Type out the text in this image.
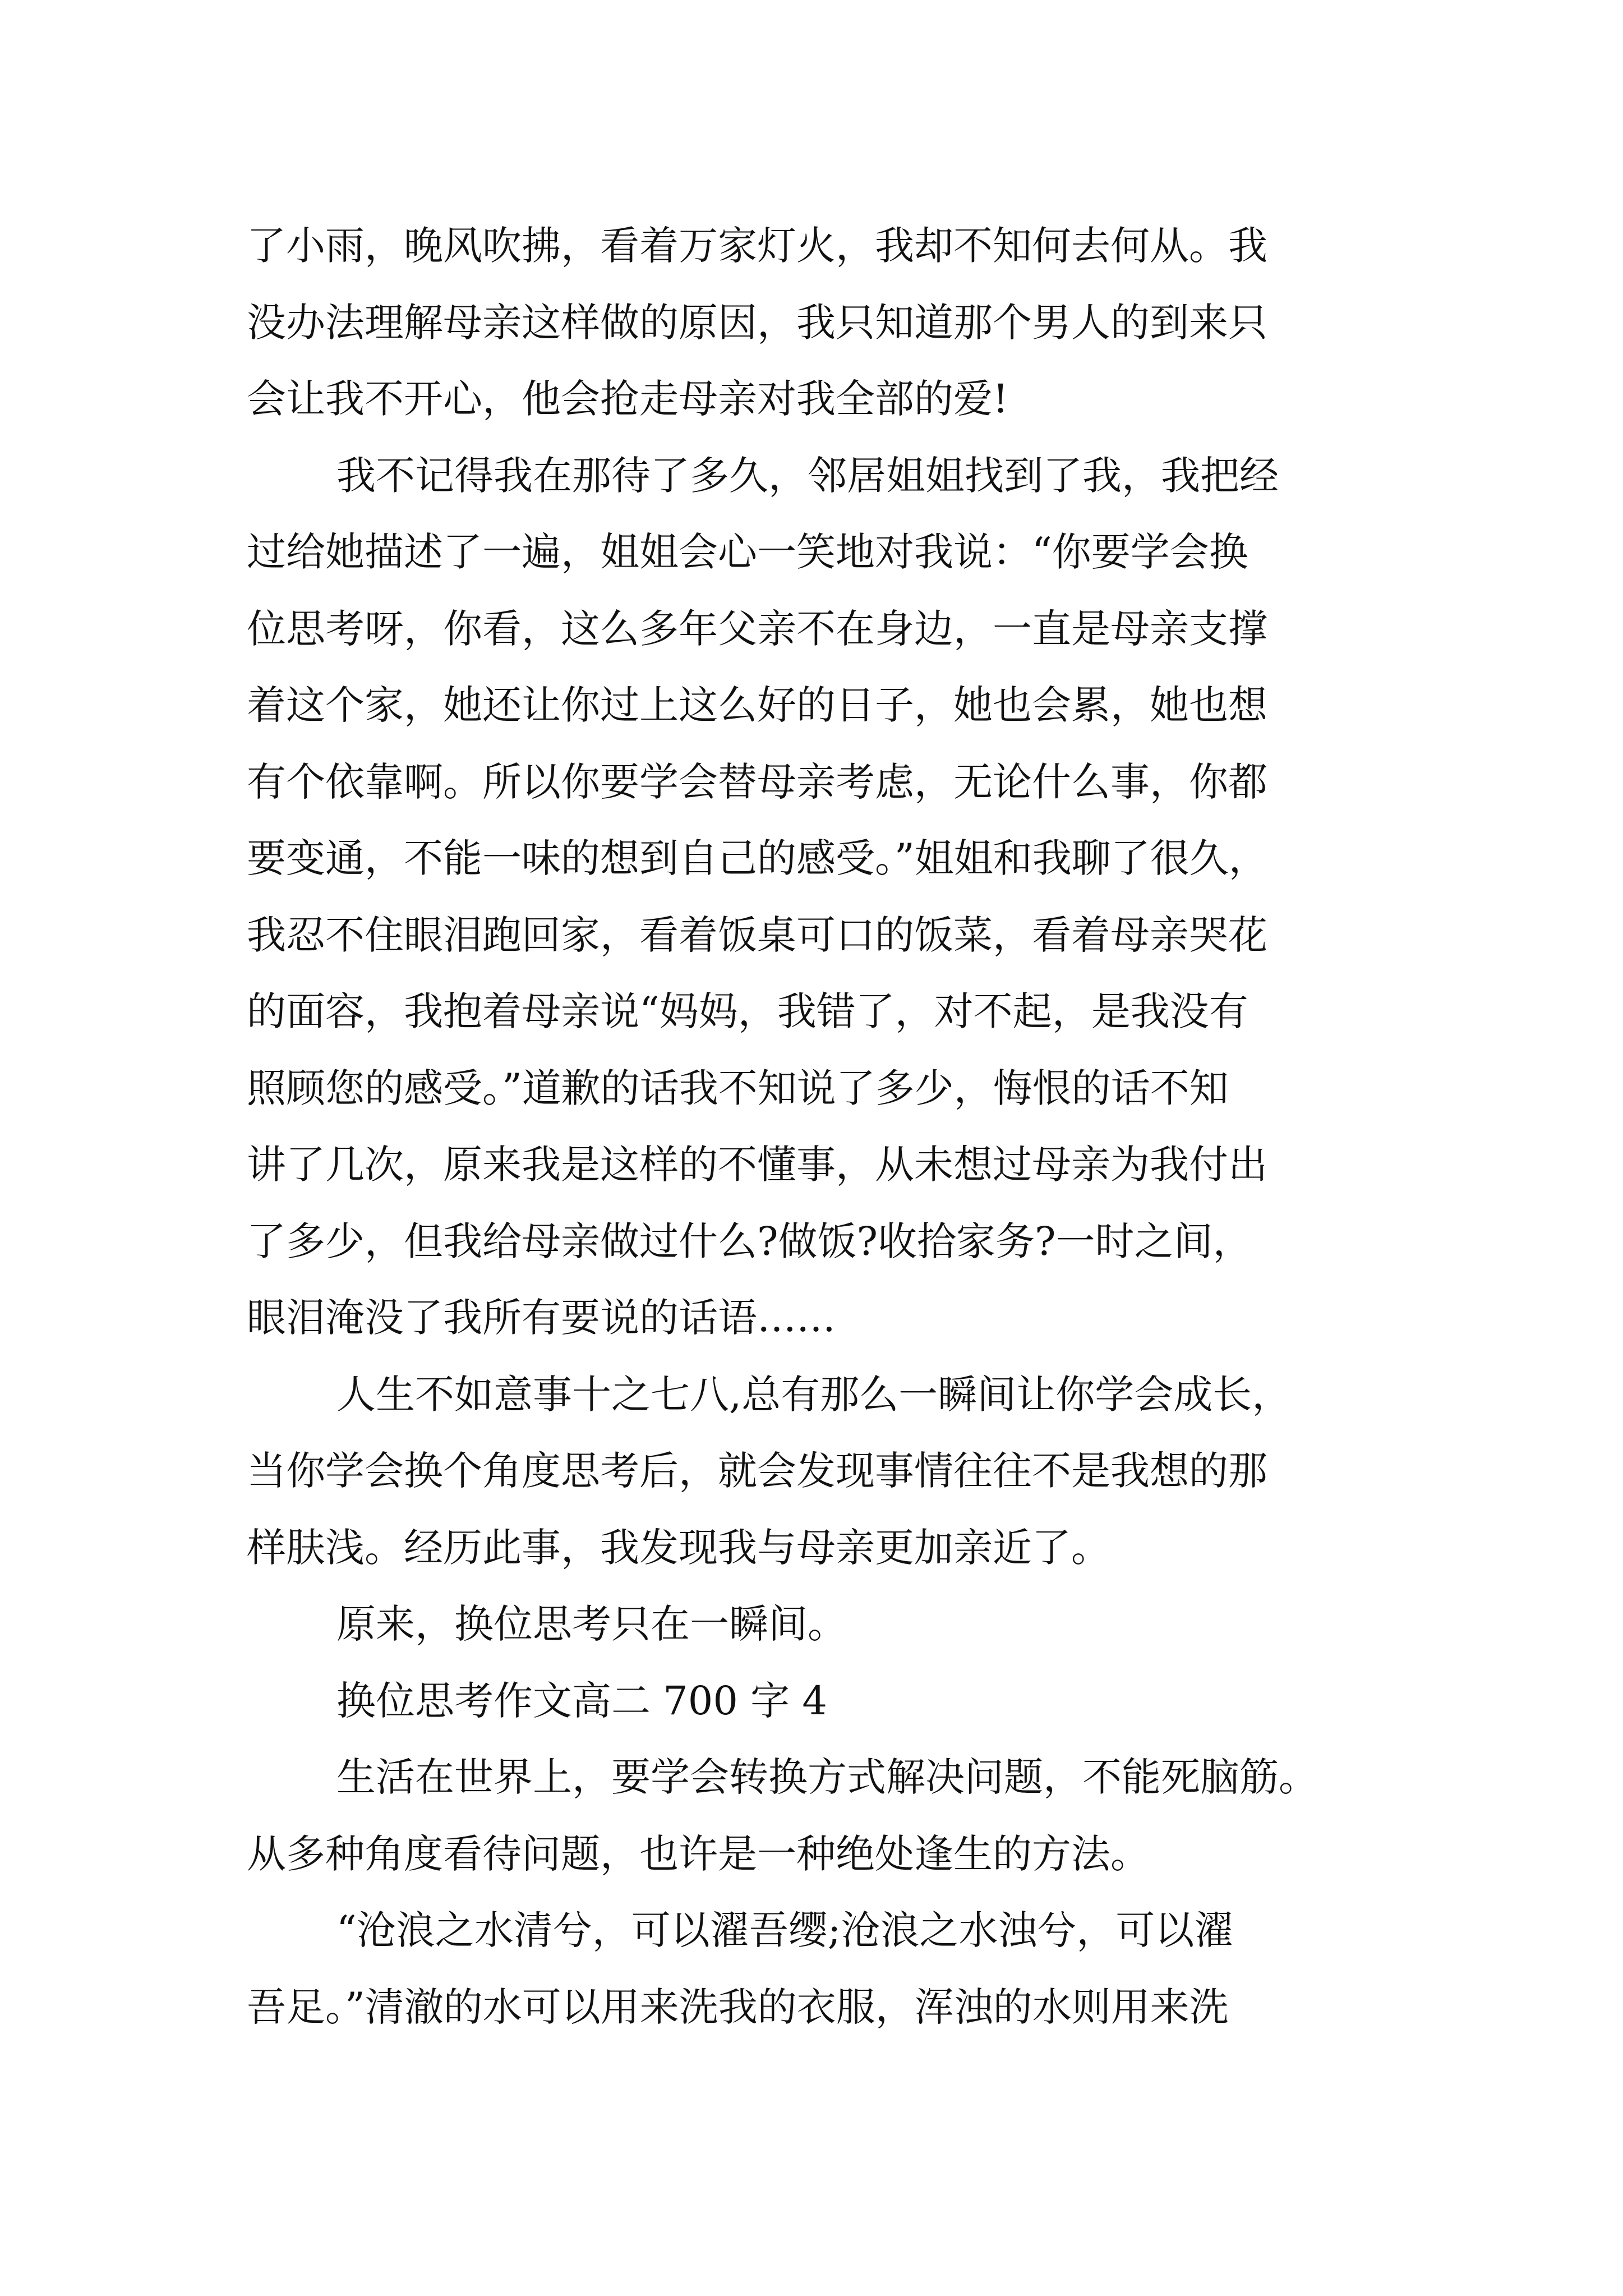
了小雨，晚风吹拂，看着万家灯火，我却不知何去何从。我
没办法理解母亲这样做的原因，我只知道那个男人的到来只
会让我不开心，他会抢走母亲对我全部的爱!
我不记得我在那待了多久，邻居姐姐找到了我，我把经
过给她描述了一遍，姐姐会心一笑地对我说：“你要学会换
位思考呀，你看，这么多年父亲不在身边，一直是母亲支撑
着这个家，她还让你过上这么好的日子，她也会累，她也想
有个依靠啊。所以你要学会替母亲考虑，无论什么事，你都
要变通，不能一味的想到自己的感受。”姐姐和我聊了很久，
我忍不住眼泪跑回家，看着饭桌可口的饭菜，看着母亲哭花
的面容，我抱着母亲说“妈妈，我错了，对不起，是我没有
照顾您的感受。”道歉的话我不知说了多少，悔恨的话不知
讲了几次，原来我是这样的不懂事，从未想过母亲为我付出
了多少，但我给母亲做过什么?做饭?收拾家务?一时之间，
眼泪淹没了我所有要说的话语……
人生不如意事十之七八,总有那么一瞬间让你学会成长，
当你学会换个角度思考后，就会发现事情往往不是我想的那
样肤浅。经历此事，我发现我与母亲更加亲近了。
原来，换位思考只在一瞬间。
换位思考作文高二 700 字 4
生活在世界上，要学会转换方式解决问题，不能死脑筋。
从多种角度看待问题，也许是一种绝处逢生的方法。
“沧浪之水清兮，可以濯吾缨;沧浪之水浊兮，可以濯
吾足。”清澈的水可以用来洗我的衣服，浑浊的水则用来洗
